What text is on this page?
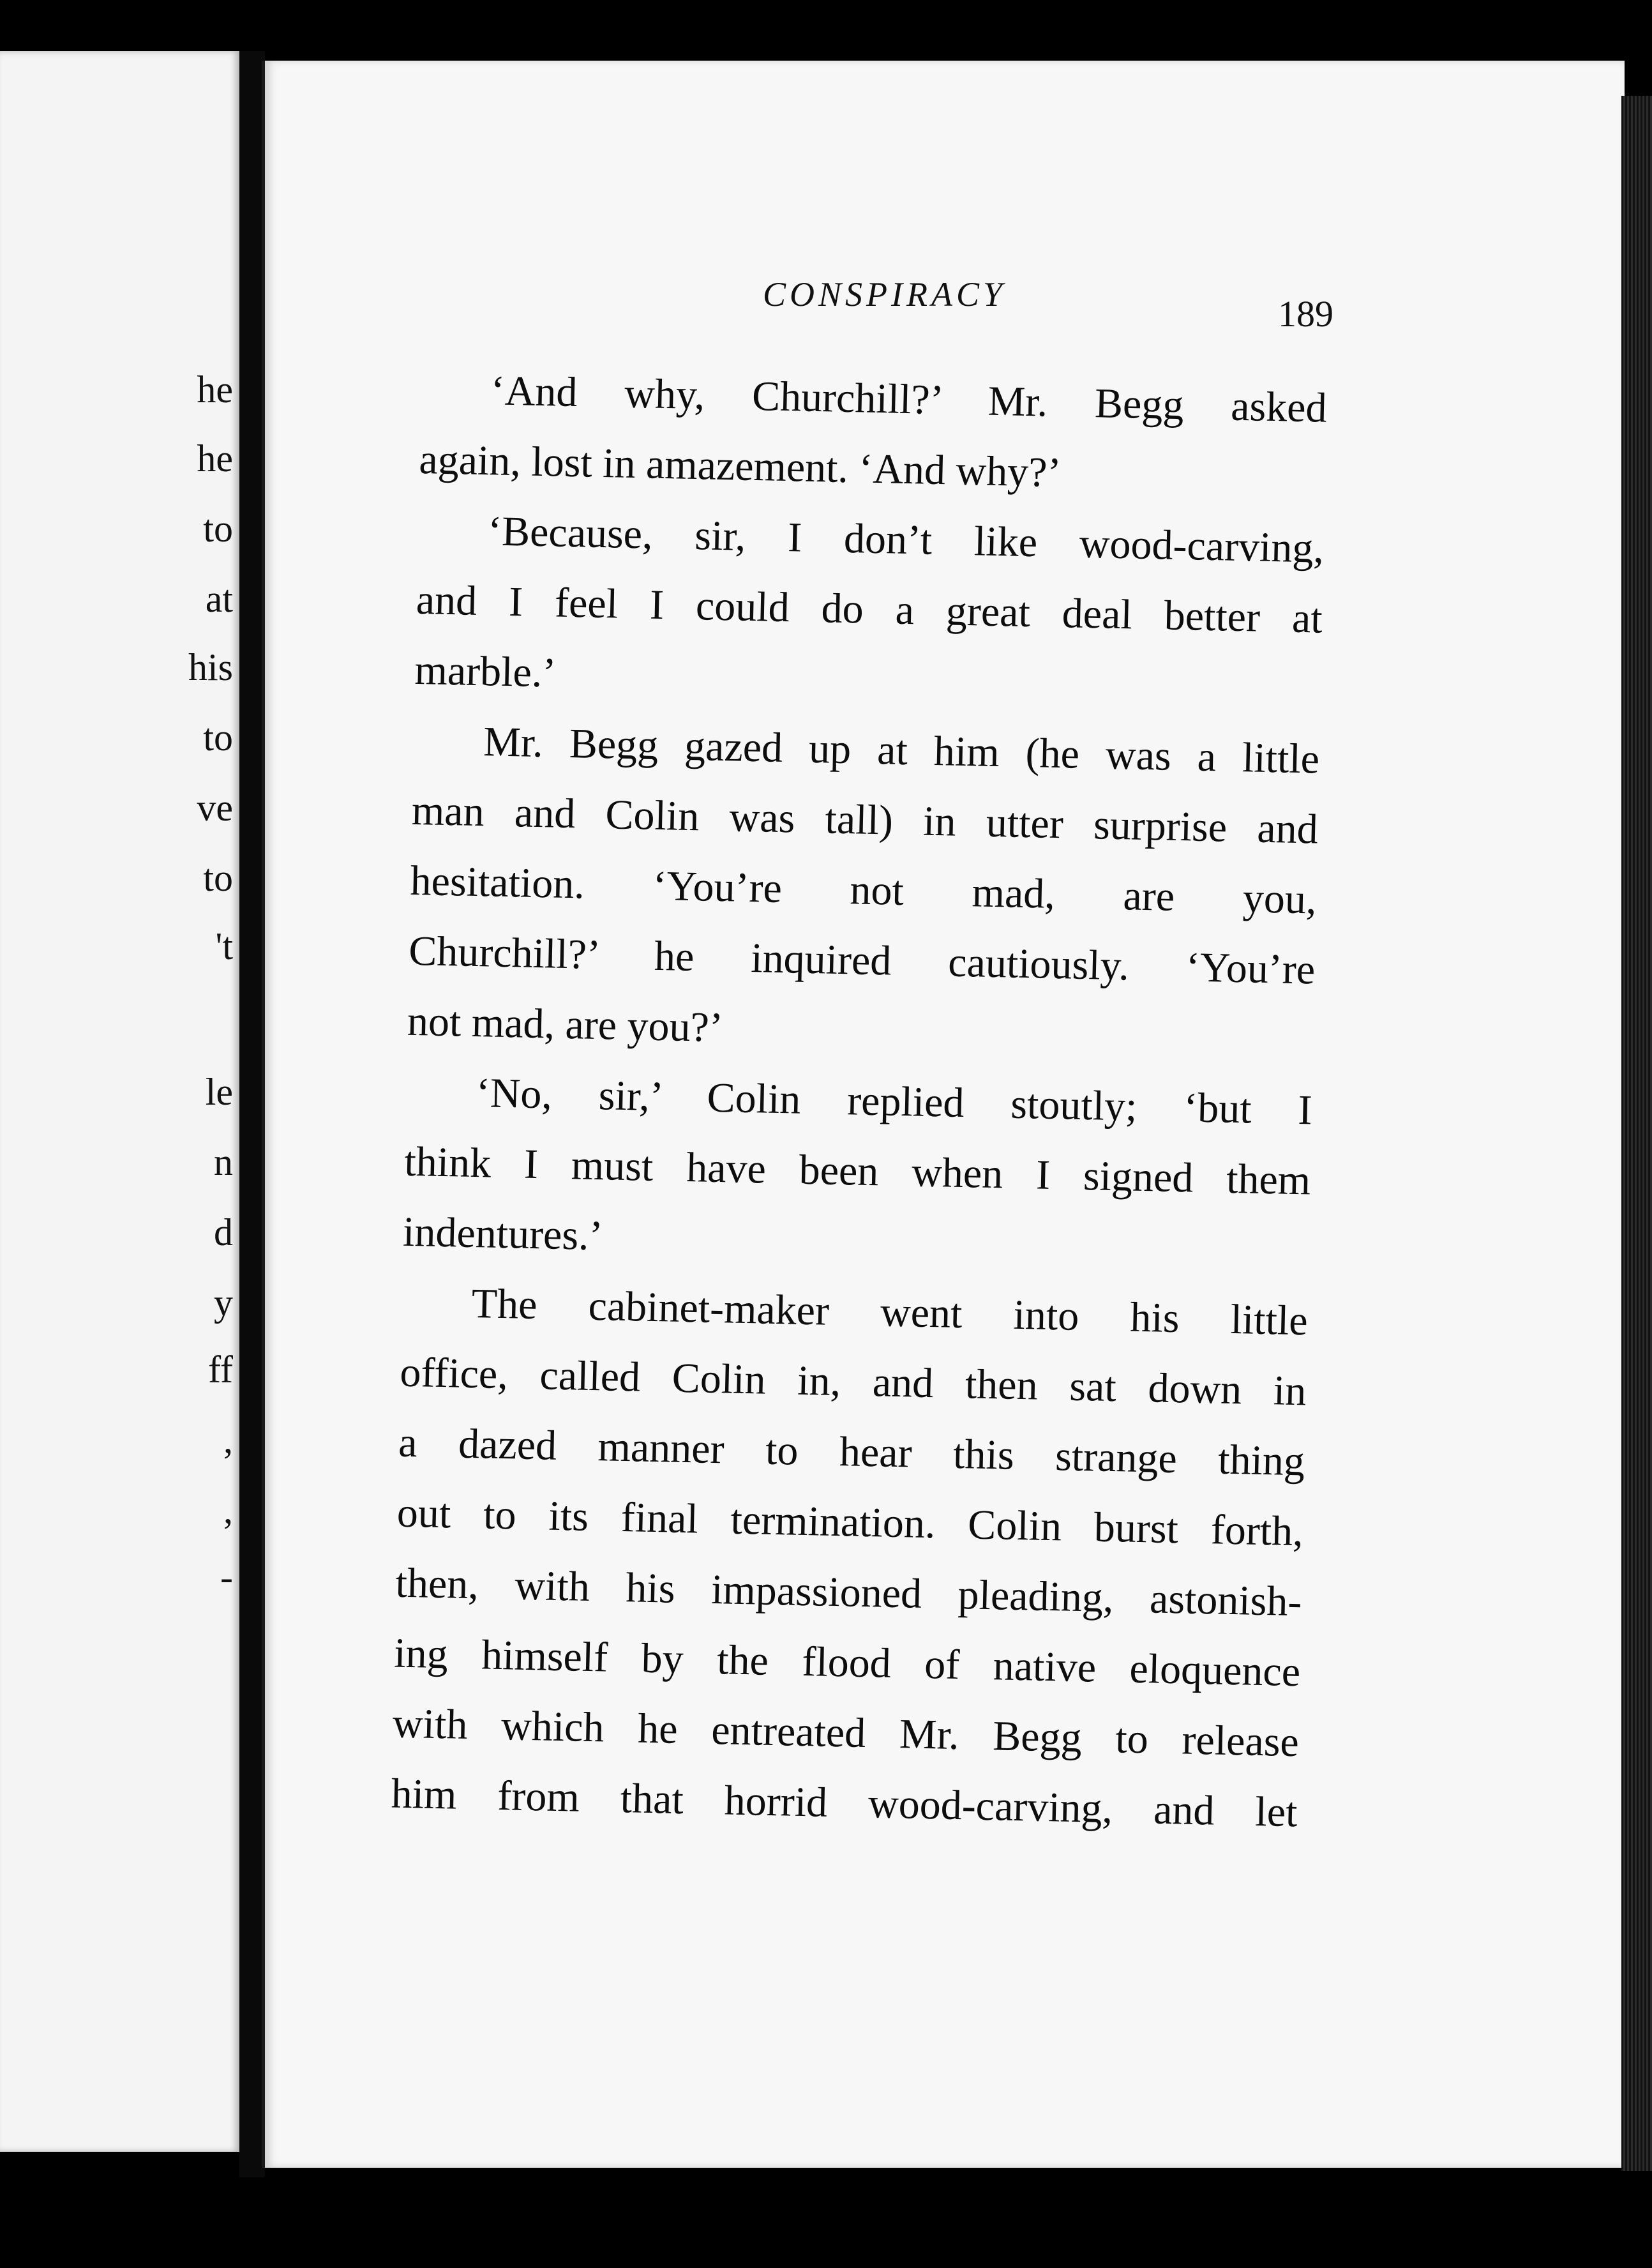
he
he
to
at
his
to
ve
to
't
le
n
d
y
ff
,
,
-
CONSPIRACY	189
‘And why, Churchill?’ Mr. Begg asked
again, lost in amazement. ‘And why?’
‘Because, sir, I don’t like wood-carving,
and I feel I could do a great deal better at
marble.’
Mr. Begg gazed up at him (he was a little
man and Colin was tall) in utter surprise and
hesitation. ‘You’re not mad, are you,
Churchill?’ he inquired cautiously. ‘You’re
not mad, are you?’
‘No, sir,’ Colin replied stoutly; ‘but I
think I must have been when I signed them
indentures.’
The cabinet-maker went into his little
office, called Colin in, and then sat down in
a dazed manner to hear this strange thing
out to its final termination. Colin burst forth,
then, with his impassioned pleading, astonish-
ing himself by the flood of native eloquence
with which he entreated Mr. Begg to release
him from that horrid wood-carving, and let
